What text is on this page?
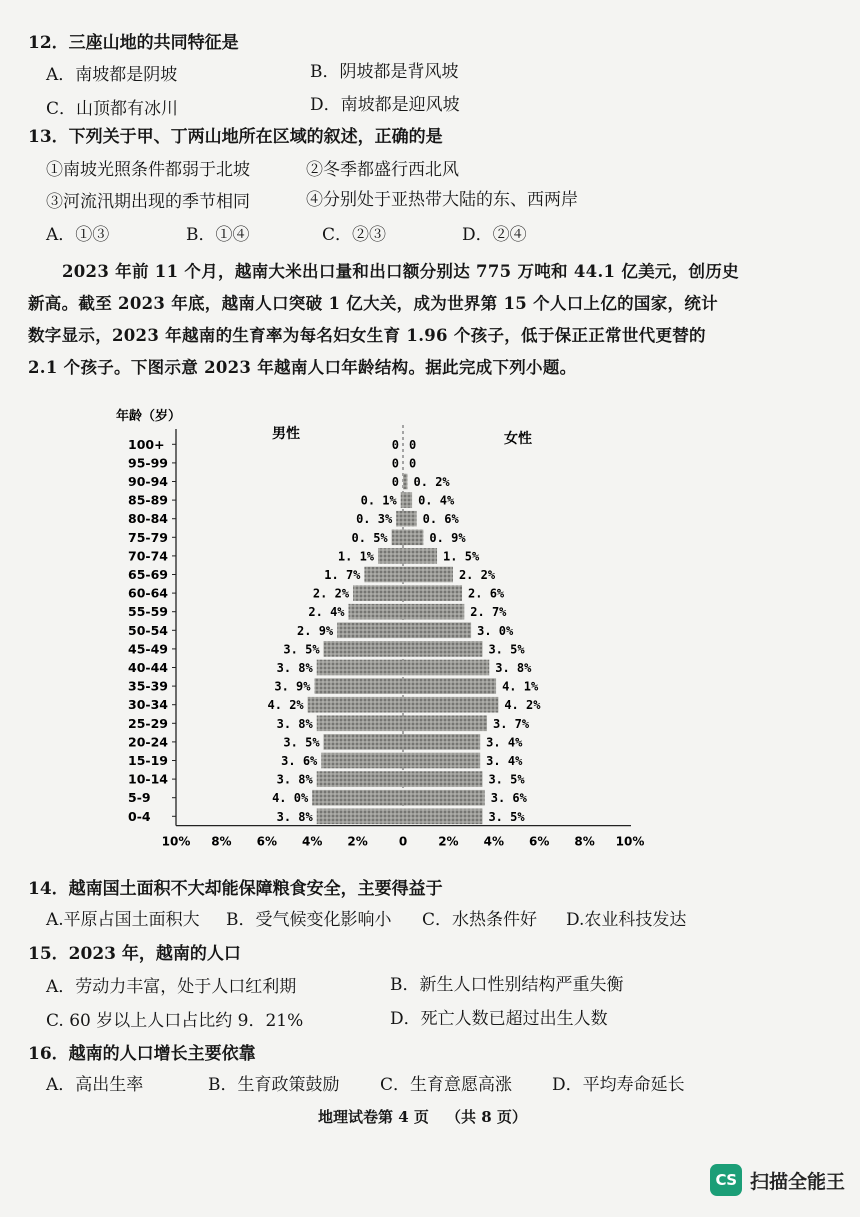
12．三座山地的共同特征是
A．南坡都是阴坡	B．阴坡都是背风坡
C．山顶都有冰川	D．南坡都是迎风坡
13．下列关于甲、丁两山地所在区域的叙述，正确的是
①南坡光照条件都弱于北坡	②冬季都盛行西北风
③河流汛期出现的季节相同	④分别处于亚热带大陆的东、西两岸
A．①③	B．①④	C．②③	D．②④
2023 年前 11 个月，越南大米出口量和出口额分别达 775 万吨和 44.1 亿美元，创历史
新高。截至 2023 年底，越南人口突破 1 亿大关，成为世界第 15 个人口上亿的国家，统计
数字显示，2023 年越南的生育率为每名妇女生育 1.96 个孩子，低于保正正常世代更替的
2.1 个孩子。下图示意 2023 年越南人口年龄结构。据此完成下列小题。
年龄（岁）
男性	女性
100+	0 0
95-99	0 0
90-94	0 0. 2%
85-89	0. 1% 0. 4%
80-84	0. 3%	0. 6%
75-79	0. 5%	0. 9%
70-74	1. 1%	1. 5%
65-69	1. 7%	2. 2%
60-64	2. 2%	2. 6%
55-59	2. 4%	2. 7%
50-54	2. 9%	3. 0%
45-49	3. 5%	3. 5%
40-44	3. 8%	3. 8%
35-39	3. 9%	4. 1%
30-34	4. 2%	4. 2%
25-29	3. 8%	3. 7%
20-24	3. 5%	3. 4%
15-19	3. 6%	3. 4%
10-14	3. 8%	3. 5%
5-9	4. 0%	3. 6%
0-4	3. 8%	3. 5%
10% 8% 6% 4% 2%	0	2% 4% 6% 8% 10%
14．越南国土面积不大却能保障粮食安全，主要得益于
A.平原占国土面积大 B．受气候变化影响小 C．水热条件好 D.农业科技发达
15．2023 年，越南的人口
A．劳动力丰富，处于人口红利期	B．新生人口性别结构严重失衡
C. 60 岁以上人口占比约 9．21%	D．死亡人数已超过出生人数
16．越南的人口增长主要依靠
A．高出生率	B．生育政策鼓励 C．生育意愿高涨 D．平均寿命延长
地理试卷第 4 页 （共 8 页）
CS 扫描全能王
